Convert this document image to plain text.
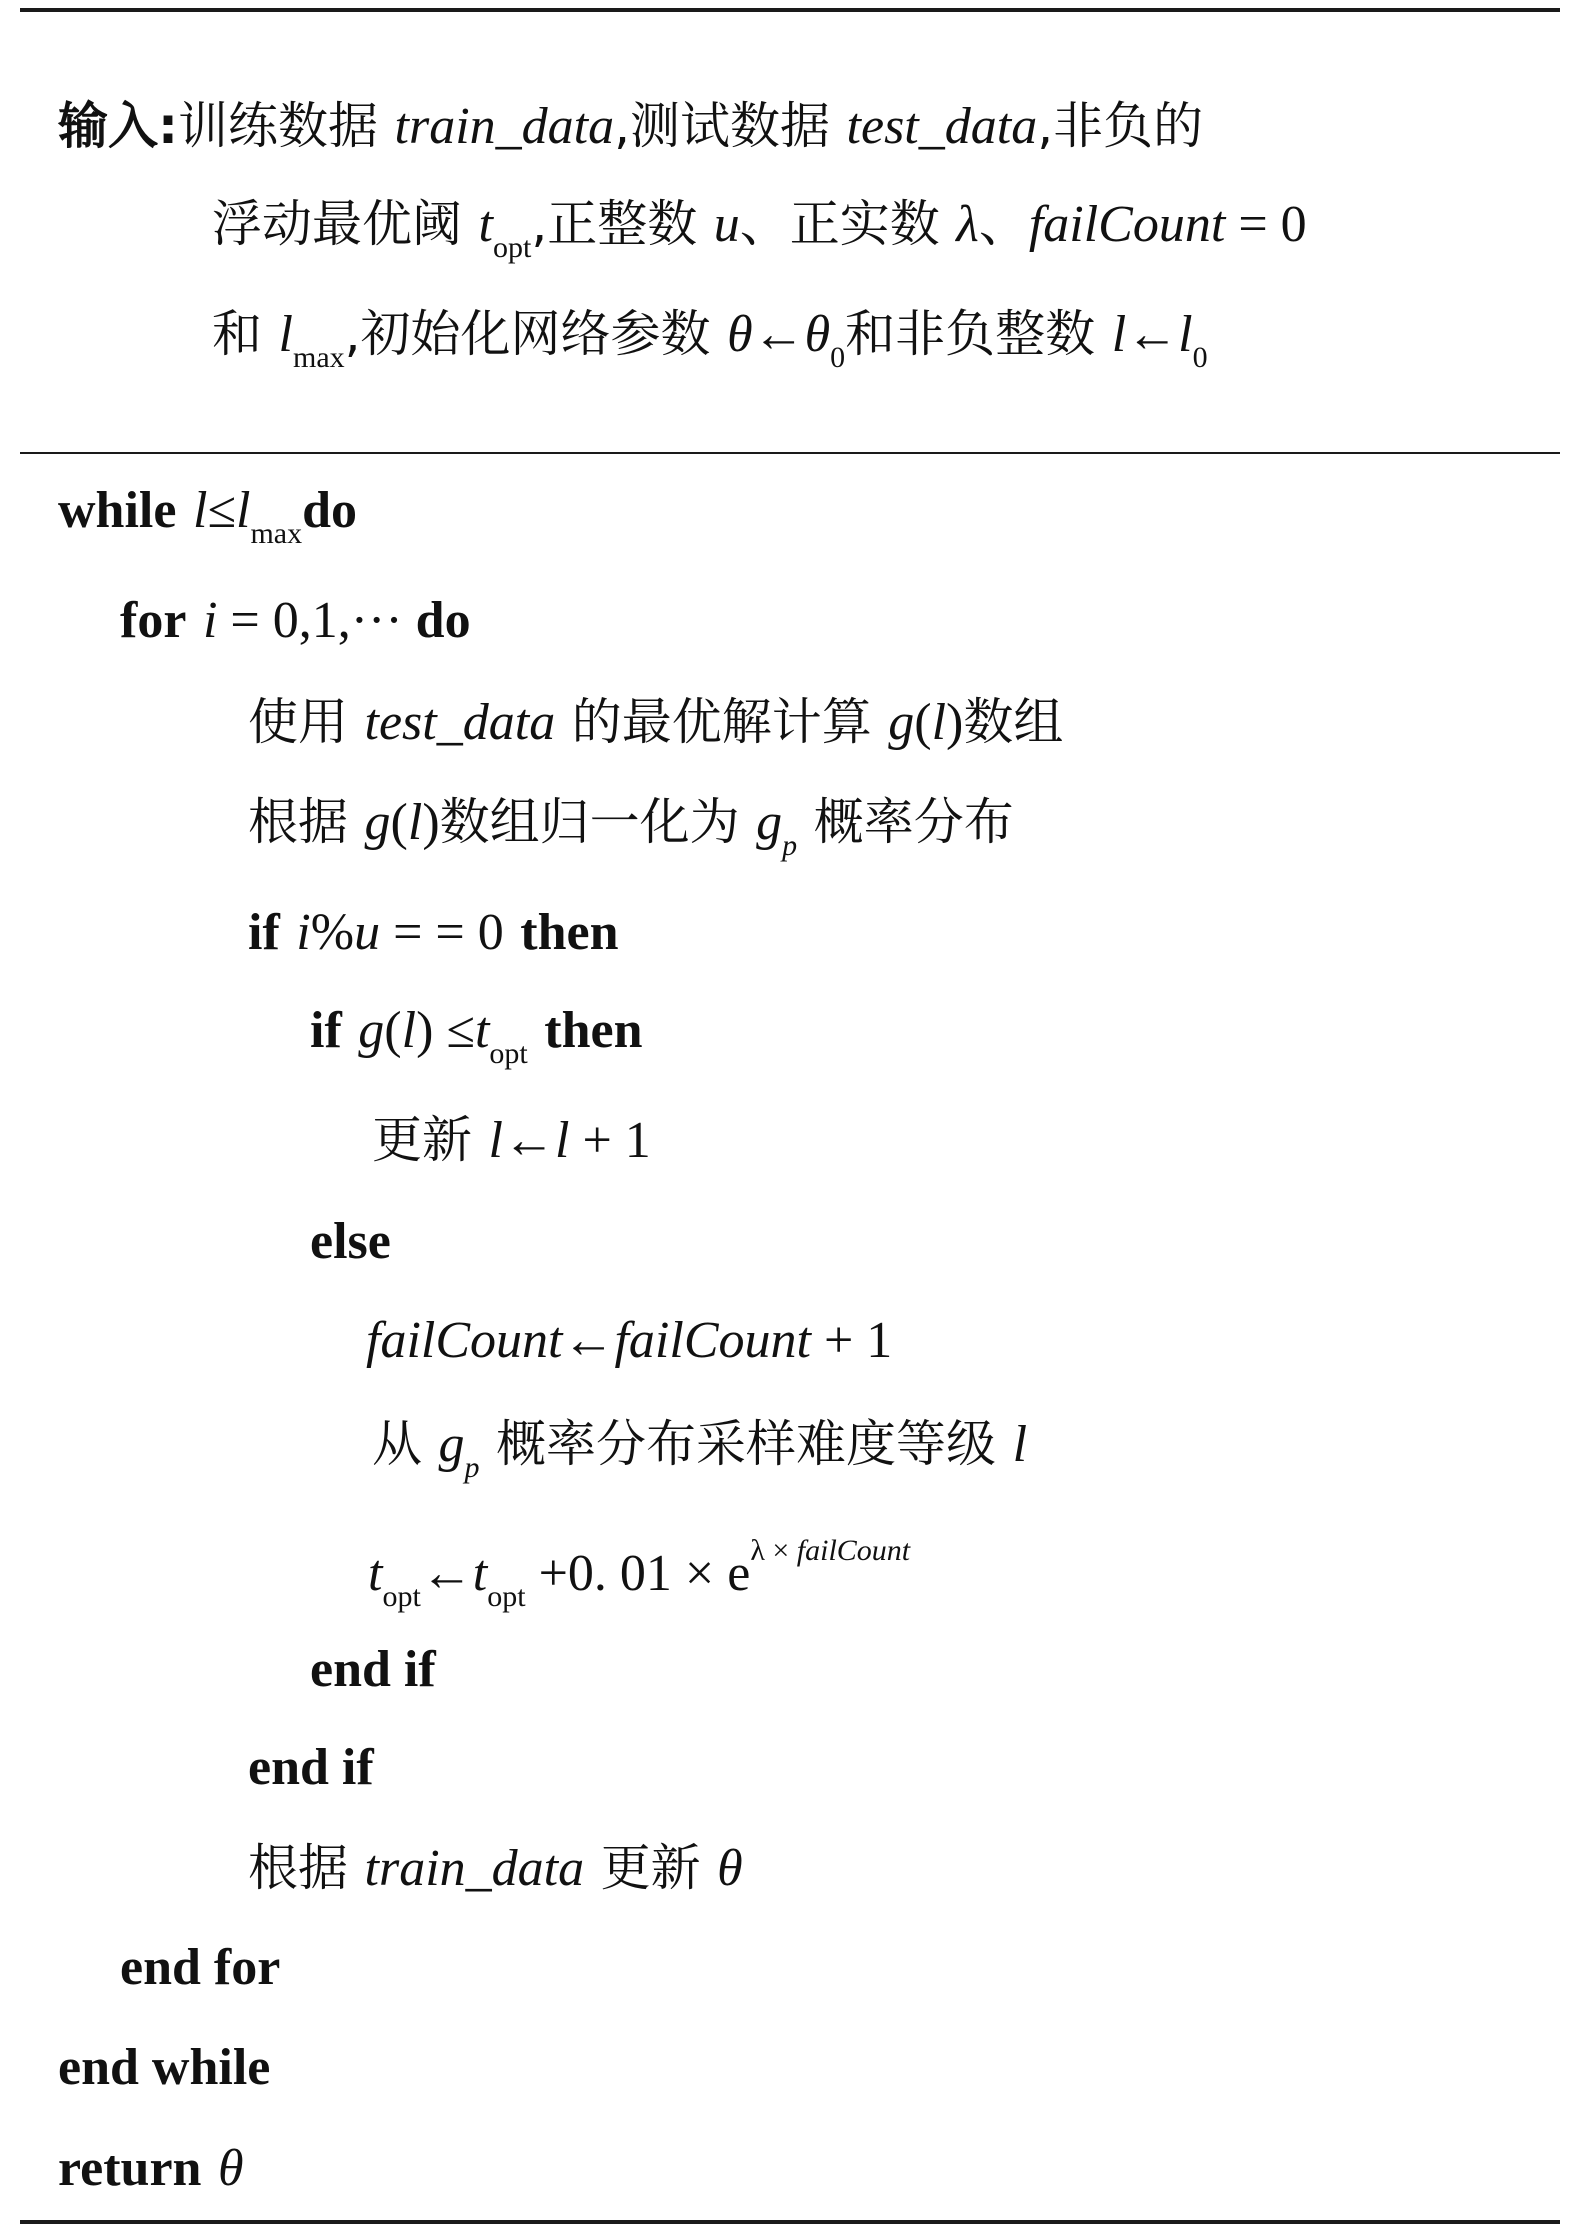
输入:训练数据 train_data,测试数据 test_data,非负的
浮动最优阈 $t_{opt}$,正整数 u、正实数 λ、failCount = 0
和 $l_{max}$,初始化网络参数 $\theta\leftarrow\theta_0$和非负整数 $l\leftarrow l_0$
while $l\le l_{max}do$
for i = 0,1,··· do
使用 test_data 的最优解计算 g(l)数组
根据 g(l)数组归一化为 $g_p$ 概率分布
if i%u = = 0 then
if $g(l) \le t_{opt}$ then
更新 l←l + 1
else
failCount←failCount + 1
从 $g_p$ 概率分布采样难度等级 l
$t_{opt}\leftarrow t_{opt} +0$. $01 \times e^{\lambda \times failCount}$
end if
end if
根据 train_data 更新 θ
end for
end while
return θ
